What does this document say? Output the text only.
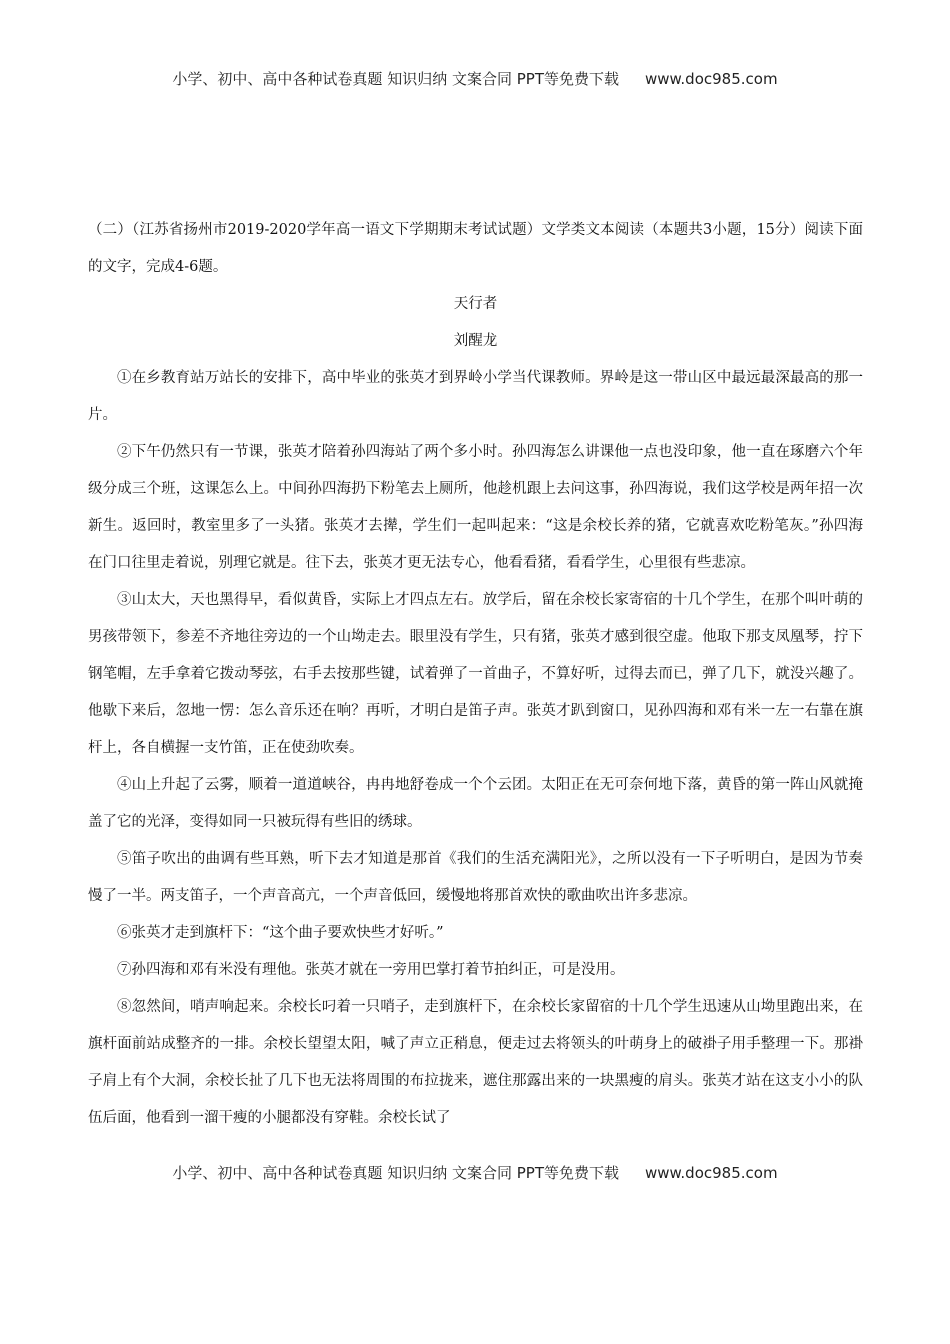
小学、初中、高中各种试卷真题 知识归纳 文案合同 PPT等免费下载 www.doc985.com

（二）（江苏省扬州市2019-2020学年高一语文下学期期末考试试题）文学类文本阅读（本题共3小题，15分）阅读下面的文字，完成4-6题。

天行者

刘醒龙

①在乡教育站万站长的安排下，高中毕业的张英才到界岭小学当代课教师。界岭是这一带山区中最远最深最高的那一片。

②下午仍然只有一节课，张英才陪着孙四海站了两个多小时。孙四海怎么讲课他一点也没印象，他一直在琢磨六个年级分成三个班，这课怎么上。中间孙四海扔下粉笔去上厕所，他趁机跟上去问这事，孙四海说，我们这学校是两年招一次新生。返回时，教室里多了一头猪。张英才去撵，学生们一起叫起来：“这是余校长养的猪，它就喜欢吃粉笔灰。”孙四海在门口往里走着说，别理它就是。往下去，张英才更无法专心，他看看猪，看看学生，心里很有些悲凉。

③山太大，天也黑得早，看似黄昏，实际上才四点左右。放学后，留在余校长家寄宿的十几个学生，在那个叫叶萌的男孩带领下，参差不齐地往旁边的一个山坳走去。眼里没有学生，只有猪，张英才感到很空虚。他取下那支凤凰琴，拧下钢笔帽，左手拿着它拨动琴弦，右手去按那些键，试着弹了一首曲子，不算好听，过得去而已，弹了几下，就没兴趣了。他歇下来后，忽地一愣：怎么音乐还在响？再听，才明白是笛子声。张英才趴到窗口，见孙四海和邓有米一左一右靠在旗杆上，各自横握一支竹笛，正在使劲吹奏。

④山上升起了云雾，顺着一道道峡谷，冉冉地舒卷成一个个云团。太阳正在无可奈何地下落，黄昏的第一阵山风就掩盖了它的光泽，变得如同一只被玩得有些旧的绣球。

⑤笛子吹出的曲调有些耳熟，听下去才知道是那首《我们的生活充满阳光》，之所以没有一下子听明白，是因为节奏慢了一半。两支笛子，一个声音高亢，一个声音低回，缓慢地将那首欢快的歌曲吹出许多悲凉。

⑥张英才走到旗杆下：“这个曲子要欢快些才好听。”

⑦孙四海和邓有米没有理他。张英才就在一旁用巴掌打着节拍纠正，可是没用。

⑧忽然间，哨声响起来。余校长叼着一只哨子，走到旗杆下，在余校长家留宿的十几个学生迅速从山坳里跑出来，在旗杆面前站成整齐的一排。余校长望望太阳，喊了声立正稍息，便走过去将领头的叶萌身上的破褂子用手整理一下。那褂子肩上有个大洞，余校长扯了几下也无法将周围的布拉拢来，遮住那露出来的一块黑瘦的肩头。张英才站在这支小小的队伍后面，他看到一溜干瘦的小腿都没有穿鞋。余校长试了

小学、初中、高中各种试卷真题 知识归纳 文案合同 PPT等免费下载 www.doc985.com
